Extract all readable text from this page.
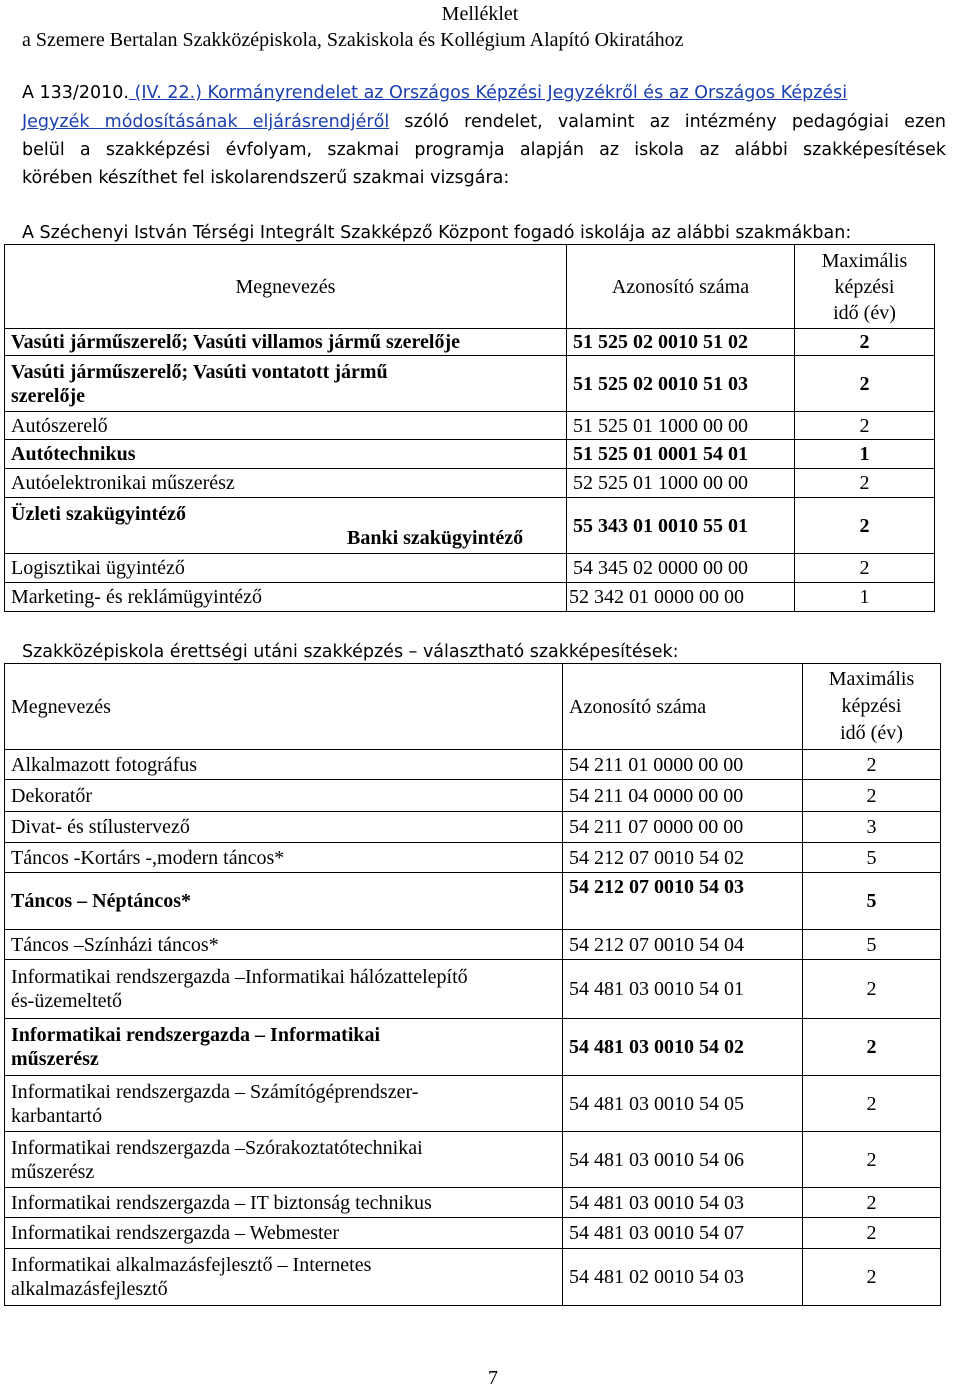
Melléklet
a Szemere Bertalan Szakközépiskola, Szakiskola és Kollégium Alapító Okiratához
A 133/2010. (IV. 22.) Kormányrendelet az Országos Képzési Jegyzékről és az Országos Képzési
Jegyzék módosításának eljárásrendjéről szóló rendelet, valamint az intézmény pedagógiai ezen
belül a szakképzési évfolyam, szakmai programja alapján az iskola az alábbi szakképesítések
körében készíthet fel iskolarendszerű szakmai vizsgára:
A Széchenyi István Térségi Integrált Szakképző Központ fogadó iskolája az alábbi szakmákban:
Megnevezés	Azonosító száma	Maximális
képzési
idő (év)

Vasúti járműszerelő; Vasúti villamos jármű szerelője	51 525 02 0010 51 02	2

Vasúti járműszerelő; Vasúti vontatott jármű
szerelője	51 525 02 0010 51 03	2
Autószerelő	51 525 01 1000 00 00	2
Autótechnikus	51 525 01 0001 54 01	1
Autóelektronikai műszerész	52 525 01 1000 00 00	2

Üzleti szakügyintéző
Banki szakügyintéző	55 343 01 0010 55 01	2
Logisztikai ügyintéző	54 345 02 0000 00 00	2
Marketing- és reklámügyintéző	52 342 01 0000 00 00	1
Szakközépiskola érettségi utáni szakképzés – választható szakképesítések:
Megnevezés	Azonosító száma	Maximális
képzési
idő (év)

Alkalmazott fotográfus	54 211 01 0000 00 00	2
Dekoratőr	54 211 04 0000 00 00	2
Divat- és stílustervező	54 211 07 0000 00 00	3
Táncos -Kortárs -,modern táncos*	54 212 07 0010 54 02	5
Táncos – Néptáncos*	54 212 07 0010 54 03	5
Táncos –Színházi táncos*	54 212 07 0010 54 04	5

Informatikai rendszergazda –Informatikai hálózattelepítő
és-üzemeltető	54 481 03 0010 54 01	2

Informatikai rendszergazda – Informatikai
műszerész	54 481 03 0010 54 02	2

Informatikai rendszergazda – Számítógéprendszer-
karbantartó	54 481 03 0010 54 05	2

Informatikai rendszergazda –Szórakoztatótechnikai
műszerész	54 481 03 0010 54 06	2
Informatikai rendszergazda – IT biztonság technikus	54 481 03 0010 54 03	2
Informatikai rendszergazda – Webmester	54 481 03 0010 54 07	2

Informatikai alkalmazásfejlesztő – Internetes
alkalmazásfejlesztő	54 481 02 0010 54 03	2
7
